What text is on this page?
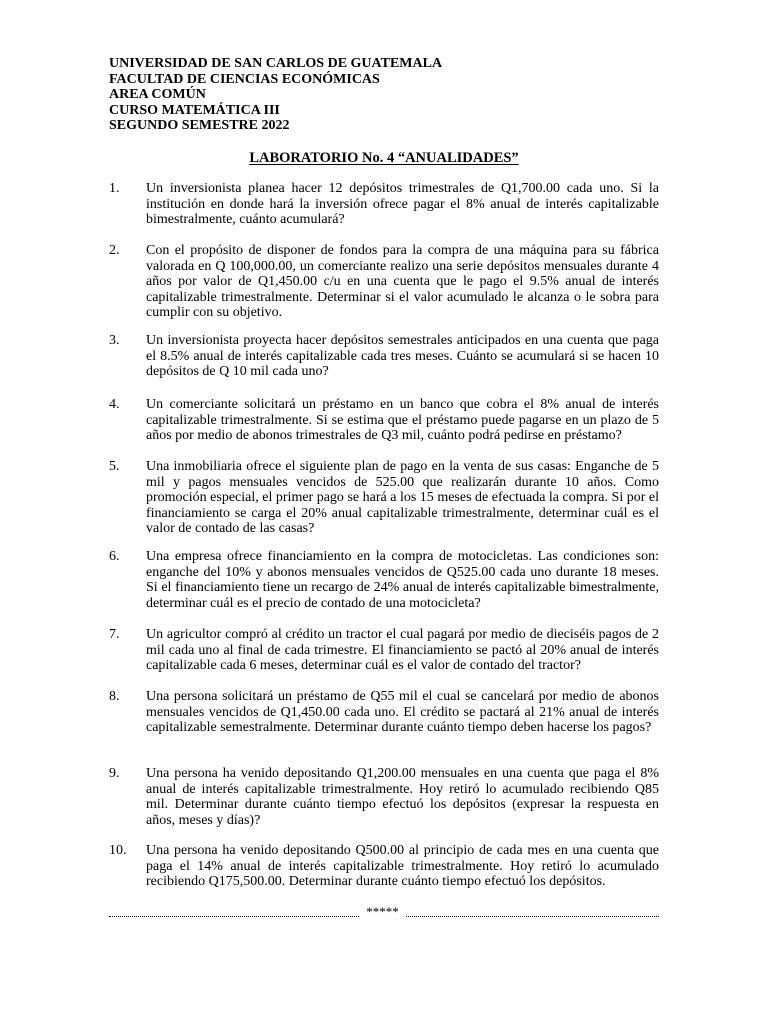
UNIVERSIDAD DE SAN CARLOS DE GUATEMALA
FACULTAD DE CIENCIAS ECONÓMICAS
AREA COMÚN
CURSO MATEMÁTICA III
SEGUNDO SEMESTRE 2022
LABORATORIO No. 4 “ANUALIDADES”
1. Un inversionista planea hacer 12 depósitos trimestrales de Q1,700.00 cada uno. Si la institución en donde hará la inversión ofrece pagar el 8% anual de interés capitalizable bimestralmente, cuánto acumulará?
2. Con el propósito de disponer de fondos para la compra de una máquina para su fábrica valorada en Q 100,000.00, un comerciante realizo una serie depósitos mensuales durante 4 años por valor de Q1,450.00 c/u en una cuenta que le pago el 9.5% anual de interés capitalizable trimestralmente. Determinar si el valor acumulado le alcanza o le sobra para cumplir con su objetivo.
3. Un inversionista proyecta hacer depósitos semestrales anticipados en una cuenta que paga el 8.5% anual de interés capitalizable cada tres meses. Cuánto se acumulará si se hacen 10 depósitos de Q 10 mil cada uno?
4. Un comerciante solicitará un préstamo en un banco que cobra el 8% anual de interés capitalizable trimestralmente. Si se estima que el préstamo puede pagarse en un plazo de 5 años por medio de abonos trimestrales de Q3 mil, cuánto podrá pedirse en préstamo?
5. Una inmobiliaria ofrece el siguiente plan de pago en la venta de sus casas: Enganche de 5 mil y pagos mensuales vencidos de 525.00 que realizarán durante 10 años. Como promoción especial, el primer pago se hará a los 15 meses de efectuada la compra. Si por el financiamiento se carga el 20% anual capitalizable trimestralmente, determinar cuál es el valor de contado de las casas?
6. Una empresa ofrece financiamiento en la compra de motocicletas. Las condiciones son: enganche del 10% y abonos mensuales vencidos de Q525.00 cada uno durante 18 meses. Si el financiamiento tiene un recargo de 24% anual de interés capitalizable bimestralmente, determinar cuál es el precio de contado de una motocicleta?
7. Un agricultor compró al crédito un tractor el cual pagará por medio de dieciséis pagos de 2 mil cada uno al final de cada trimestre. El financiamiento se pactó al 20% anual de interés capitalizable cada 6 meses, determinar cuál es el valor de contado del tractor?
8. Una persona solicitará un préstamo de Q55 mil el cual se cancelará por medio de abonos mensuales vencidos de Q1,450.00 cada uno. El crédito se pactará al 21% anual de interés capitalizable semestralmente. Determinar durante cuánto tiempo deben hacerse los pagos?
9. Una persona ha venido depositando Q1,200.00 mensuales en una cuenta que paga el 8% anual de interés capitalizable trimestralmente. Hoy retiró lo acumulado recibiendo Q85 mil. Determinar durante cuánto tiempo efectuó los depósitos (expresar la respuesta en años, meses y días)?
10. Una persona ha venido depositando Q500.00 al principio de cada mes en una cuenta que paga el 14% anual de interés capitalizable trimestralmente. Hoy retiró lo acumulado recibiendo Q175,500.00. Determinar durante cuánto tiempo efectuó los depósitos.
*****
